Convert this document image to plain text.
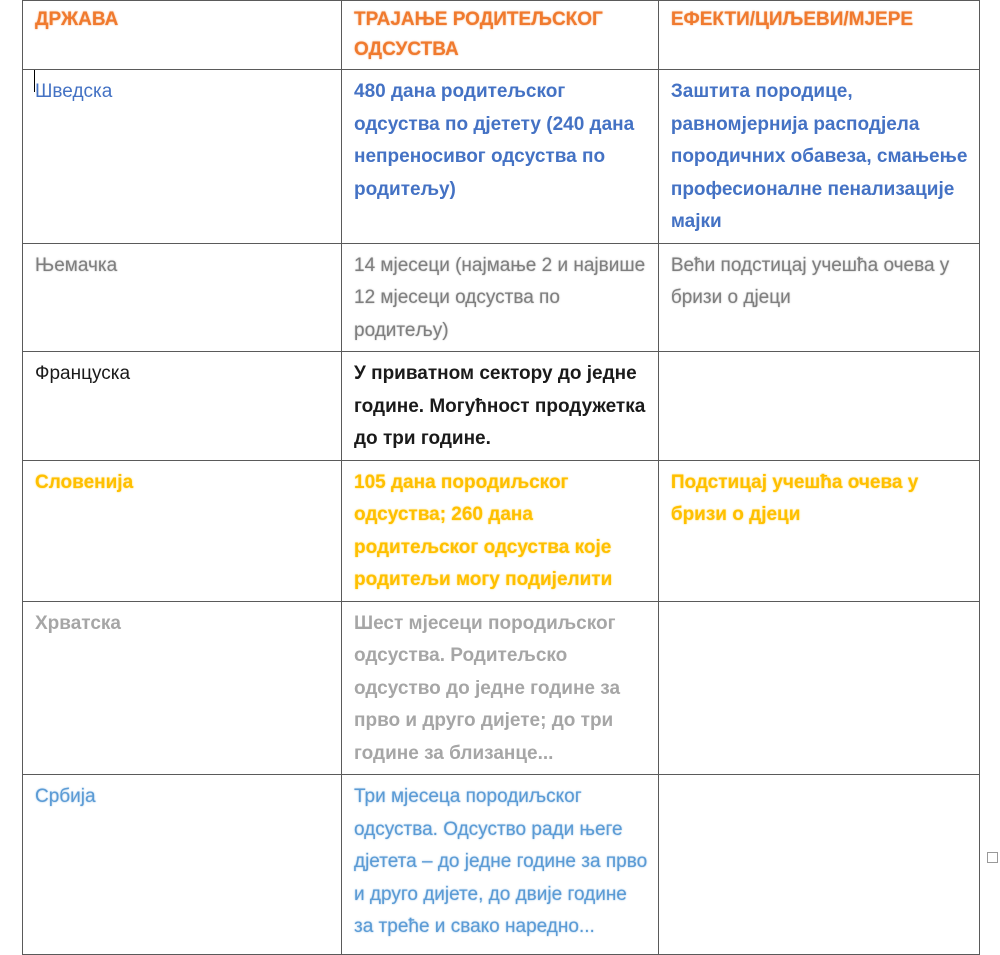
ДРЖАВА	ТРАЈАЊЕ РОДИТЕЉСКОГ ОДСУСТВА	ЕФЕКТИ/ЦИЉЕВИ/МЈЕРЕ
Шведска	480 дана родитељског одсуства по дјетету (240 дана непреносивог одсуства по родитељу)	Заштита породице, равномјернија расподјела породичних обавеза, смањење професионалне пенализације мајки
Њемачка	14 мјесеци (најмање 2 и највише 12 мјесеци одсуства по родитељу)	Већи подстицај учешћа очева у бризи о дјеци
Француска	У приватном сектору до једне године. Могућност продужетка до три године.	
Словенија	105 дана породиљског одсуства; 260 дана родитељског одсуства које родитељи могу подијелити	Подстицај учешћа очева у бризи о дјеци
Хрватска	Шест мјесеци породиљског одсуства. Родитељско одсуство до једне године за прво и друго дијете; до три године за близанце...	
Србија	Три мјесеца породиљског одсуства. Одсуство ради његе дјетета – до једне године за прво и друго дијете, до двије године за треће и свако наредно...	
